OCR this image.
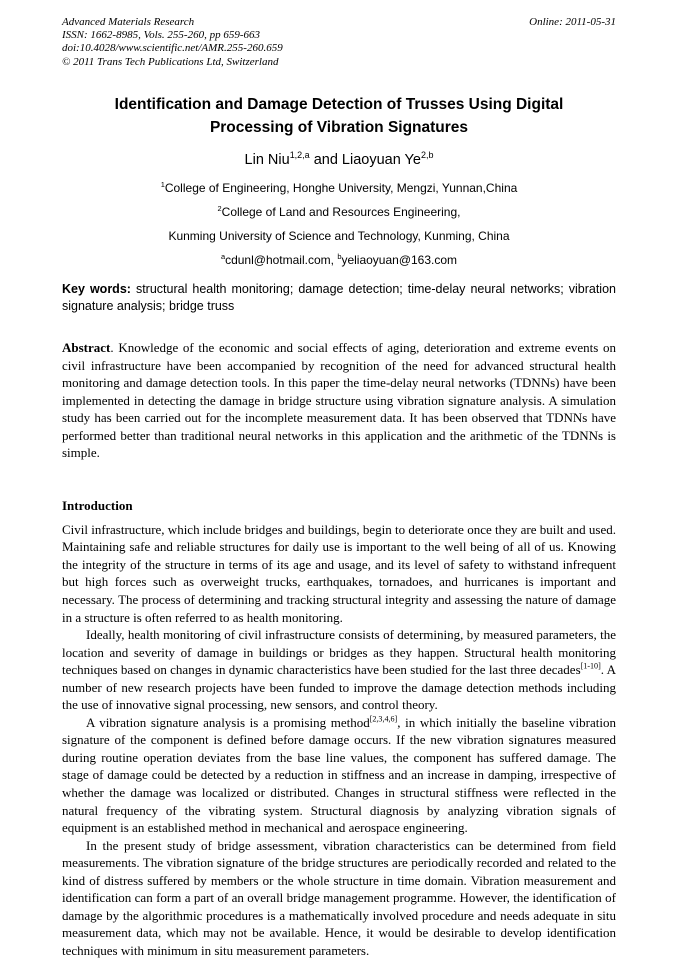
Advanced Materials Research	Online: 2011-05-31
ISSN: 1662-8985, Vols. 255-260, pp 659-663
doi:10.4028/www.scientific.net/AMR.255-260.659
© 2011 Trans Tech Publications Ltd, Switzerland
Identification and Damage Detection of Trusses Using Digital Processing of Vibration Signatures
Lin Niu$^{1,2,a}$ and Liaoyuan Ye$^{2,b}$
$^1$College of Engineering, Honghe University, Mengzi, Yunnan,China
$^2$College of Land and Resources Engineering,
Kunming University of Science and Technology, Kunming, China
$^a$cdunl@hotmail.com, $^b$yeliaoyuan@163.com

Key words: structural health monitoring; damage detection; time-delay neural networks; vibration signature analysis; bridge truss

Abstract. Knowledge of the economic and social effects of aging, deterioration and extreme events on civil infrastructure have been accompanied by recognition of the need for advanced structural health monitoring and damage detection tools. In this paper the time-delay neural networks (TDNNs) have been implemented in detecting the damage in bridge structure using vibration signature analysis. A simulation study has been carried out for the incomplete measurement data. It has been observed that TDNNs have performed better than traditional neural networks in this application and the arithmetic of the TDNNs is simple.

Introduction

Civil infrastructure, which include bridges and buildings, begin to deteriorate once they are built and used. Maintaining safe and reliable structures for daily use is important to the well being of all of us. Knowing the integrity of the structure in terms of its age and usage, and its level of safety to withstand infrequent but high forces such as overweight trucks, earthquakes, tornadoes, and hurricanes is important and necessary. The process of determining and tracking structural integrity and assessing the nature of damage in a structure is often referred to as health monitoring.

Ideally, health monitoring of civil infrastructure consists of determining, by measured parameters, the location and severity of damage in buildings or bridges as they happen. Structural health monitoring techniques based on changes in dynamic characteristics have been studied for the last three decades[1-10]. A number of new research projects have been funded to improve the damage detection methods including the use of innovative signal processing, new sensors, and control theory.

A vibration signature analysis is a promising method[2,3,4,6], in which initially the baseline vibration signature of the component is defined before damage occurs. If the new vibration signatures measured during routine operation deviates from the base line values, the component has suffered damage. The stage of damage could be detected by a reduction in stiffness and an increase in damping, irrespective of whether the damage was localized or distributed. Changes in structural stiffness were reflected in the natural frequency of the vibrating system. Structural diagnosis by analyzing vibration signals of equipment is an established method in mechanical and aerospace engineering.

In the present study of bridge assessment, vibration characteristics can be determined from field measurements. The vibration signature of the bridge structures are periodically recorded and related to the kind of distress suffered by members or the whole structure in time domain. Vibration measurement and identification can form a part of an overall bridge management programme. However, the identification of damage by the algorithmic procedures is a mathematically involved procedure and needs adequate in situ measurement data, which may not be available. Hence, it would be desirable to develop identification techniques with minimum in situ measurement parameters.
